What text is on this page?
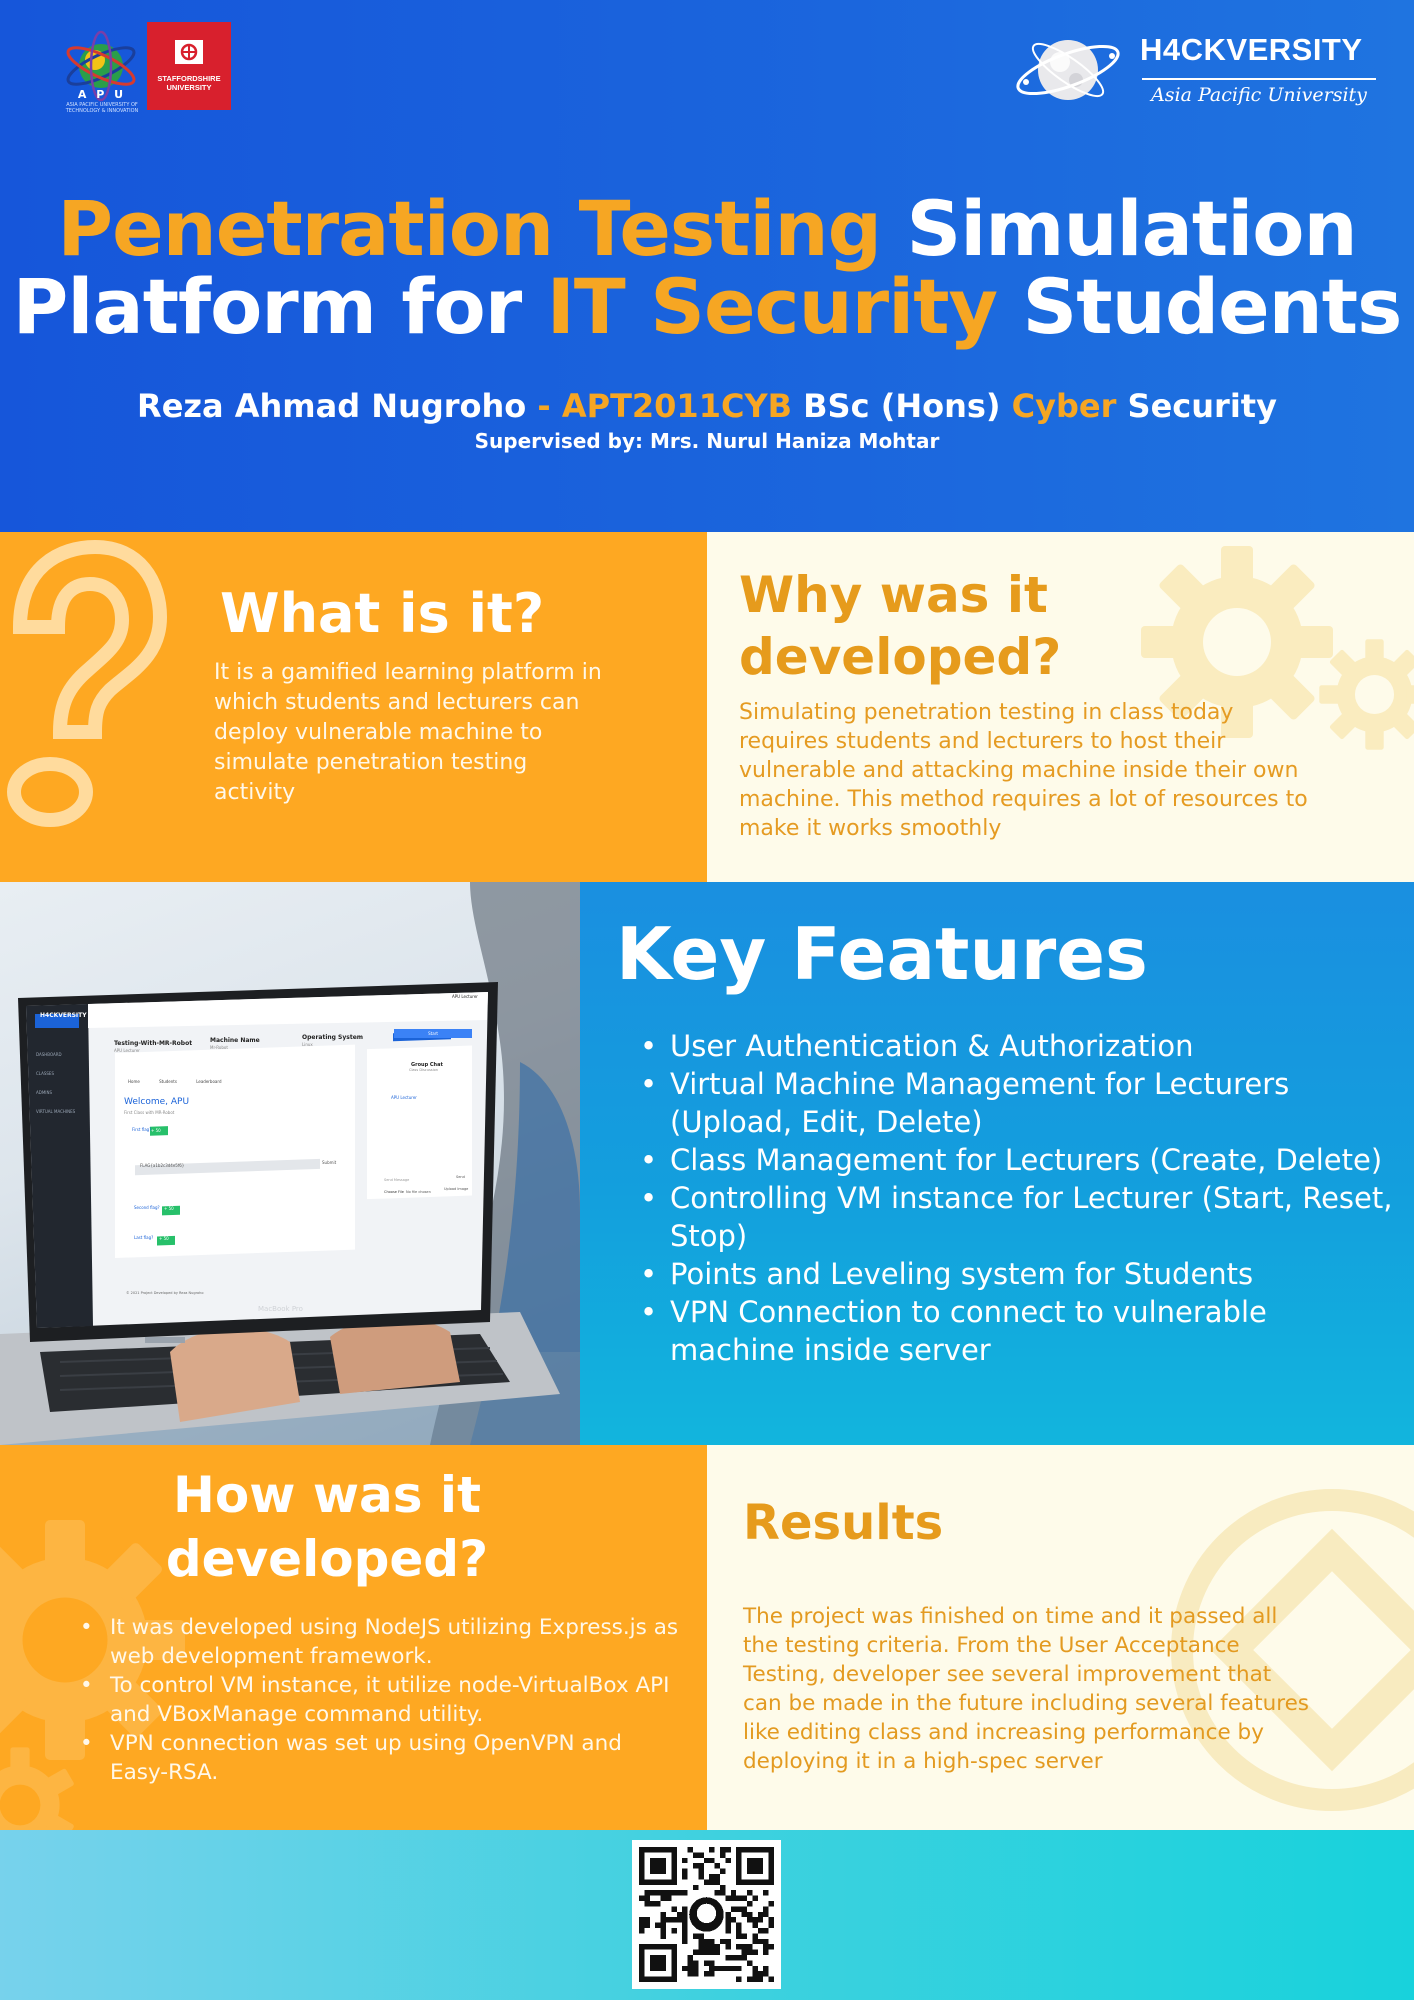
A P U
ASIA PACIFIC UNIVERSITY OF TECHNOLOGY & INNOVATION
STAFFORDSHIRE UNIVERSITY
H4CKVERSITY
Asia Pacific University
Penetration Testing Simulation
Platform for IT Security Students
Reza Ahmad Nugroho - APT2011CYB BSc (Hons) Cyber Security
Supervised by: Mrs. Nurul Haniza Mohtar
What is it?
It is a gamified learning platform in which students and lecturers can deploy vulnerable machine to simulate penetration testing activity
Why was it developed?
Simulating penetration testing in class today requires students and lecturers to host their vulnerable and attacking machine inside their own machine. This method requires a lot of resources to make it works smoothly
H4CKVERSITY
DASHBOARD
CLASSES
ADMINS
VIRTUAL MACHINES
Testing-With-MR-Robot
APU Lecturer
Machine Name
Mr-Robot
Operating System
Linux
Start
APU Lecturer
Home	Students	Leaderboard
Welcome, APU
First Class with MR-Robot
First flag? + 50
FLAG{a1b2c3d4e5f6}
Submit
Second flag? + 50
Last flag? + 50
Group Chat
Class Discussion
APU Lecturer
Send Message
Send
Choose File No file chosen
Upload Image
© 2021 Project Developed by Reza Nugroho
MacBook Pro
Key Features
• User Authentication & Authorization
• Virtual Machine Management for Lecturers (Upload, Edit, Delete)
• Class Management for Lecturers (Create, Delete)
• Controlling VM instance for Lecturer (Start, Reset, Stop)
• Points and Leveling system for Students
• VPN Connection to connect to vulnerable machine inside server
How was it developed?
• It was developed using NodeJS utilizing Express.js as web development framework.
• To control VM instance, it utilize node-VirtualBox API and VBoxManage command utility.
• VPN connection was set up using OpenVPN and Easy-RSA.
Results
The project was finished on time and it passed all the testing criteria. From the User Acceptance Testing, developer see several improvement that can be made in the future including several features like editing class and increasing performance by deploying it in a high-spec server
